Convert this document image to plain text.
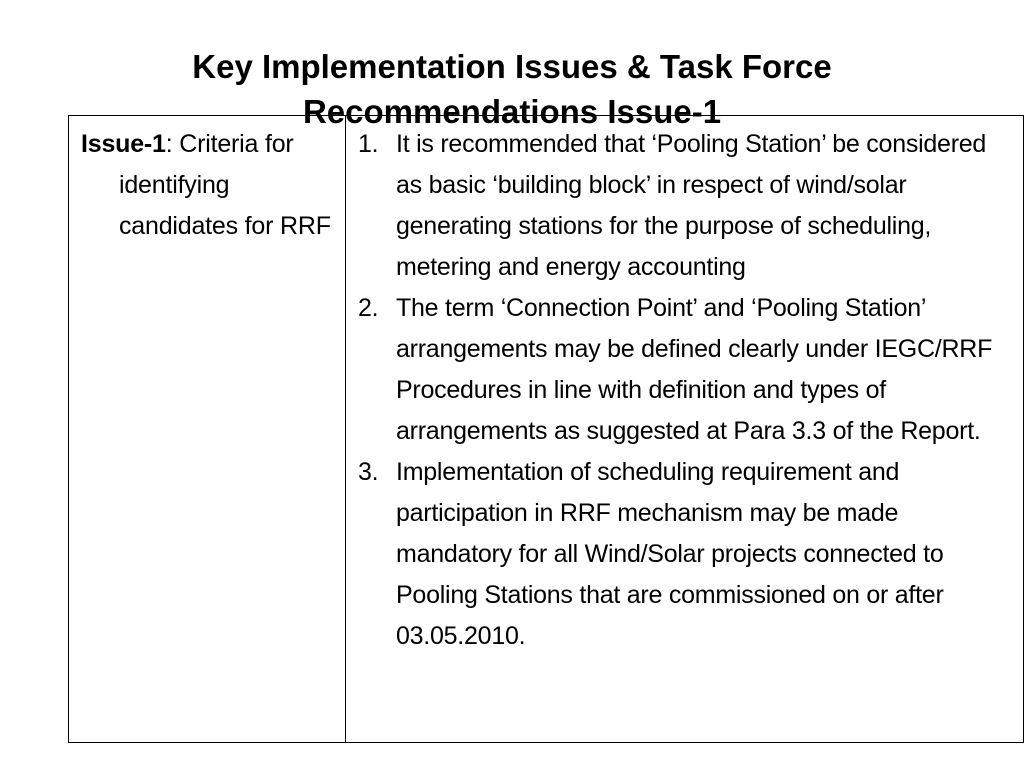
Key Implementation Issues & Task Force
Recommendations Issue-1

Issue-1: Criteria for identifying candidates for RRF

1. It is recommended that ‘Pooling Station’ be considered as basic ‘building block’ in respect of wind/solar generating stations for the purpose of scheduling, metering and energy accounting
2. The term ‘Connection Point’ and ‘Pooling Station’ arrangements may be defined clearly under IEGC/RRF Procedures in line with definition and types of arrangements as suggested at Para 3.3 of the Report.
3. Implementation of scheduling requirement and participation in RRF mechanism may be made mandatory for all Wind/Solar projects connected to Pooling Stations that are commissioned on or after 03.05.2010.
